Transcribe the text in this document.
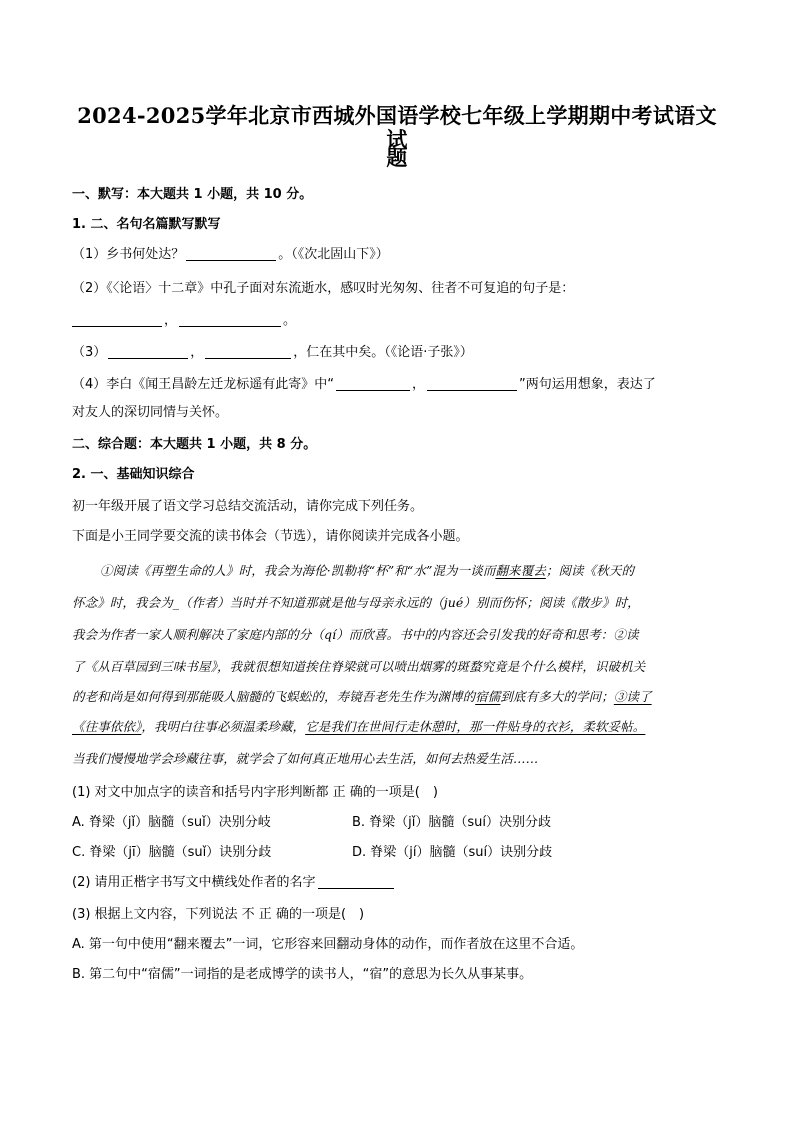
2024-2025学年北京市西城外国语学校七年级上学期期中考试语文试
题
一、默写：本大题共 1 小题，共 10 分。
1. 二、名句名篇默写默写
（1）乡书何处达？	。（《次北固山下》）
（2）《〈论语〉十二章》中孔子面对东流逝水，感叹时光匆匆、往者不可复追的句子是：
，	。
（3）	，	，仁在其中矣。（《论语·子张》）
（4）李白《闻王昌龄左迁龙标遥有此寄》中“	，	”两句运用想象，表达了
对友人的深切同情与关怀。
二、综合题：本大题共 1 小题，共 8 分。
2. 一、基础知识综合
初一年级开展了语文学习总结交流活动，请你完成下列任务。
下面是小王同学要交流的读书体会（节选），请你阅读并完成各小题。
①阅读《再塑生命的人》时，我会为海伦·凯勒将“杯”和“水”混为一谈而翻来覆去；阅读《秋天的
怀念》时，我会为_（作者）当时并不知道那就是他与母亲永远的（jué）别而伤怀；阅读《散步》时，
我会为作者一家人顺利解决了家庭内部的分（qí）而欣喜。书中的内容还会引发我的好奇和思考：②读
了《从百草园到三味书屋》，我就很想知道挨住脊梁就可以喷出烟雾的斑蝥究竟是个什么模样，识破机关
的老和尚是如何得到那能吸人脑髓的飞蜈蚣的，寿镜吾老先生作为渊博的宿儒到底有多大的学问；③读了
《往事依依》，我明白往事必须温柔珍藏，它是我们在世间行走休憩时，那一件贴身的衣衫，柔软妥帖。
当我们慢慢地学会珍藏往事，就学会了如何真正地用心去生活，如何去热爱生活……
(1) 对文中加点字的读音和括号内字形判断都 正 确的一项是(　)
A. 脊梁（jǐ）脑髓（suǐ）决别分岐	B. 脊梁（jǐ）脑髓（suí）决别分歧
C. 脊梁（jī）脑髓（suǐ）诀别分歧	D. 脊梁（jí）脑髓（suí）诀别分歧
(2) 请用正楷字书写文中横线处作者的名字
(3) 根据上文内容，下列说法 不 正 确的一项是(　)
A. 第一句中使用“翻来覆去”一词，它形容来回翻动身体的动作，而作者放在这里不合适。
B. 第二句中“宿儒”一词指的是老成博学的读书人，“宿”的意思为长久从事某事。
